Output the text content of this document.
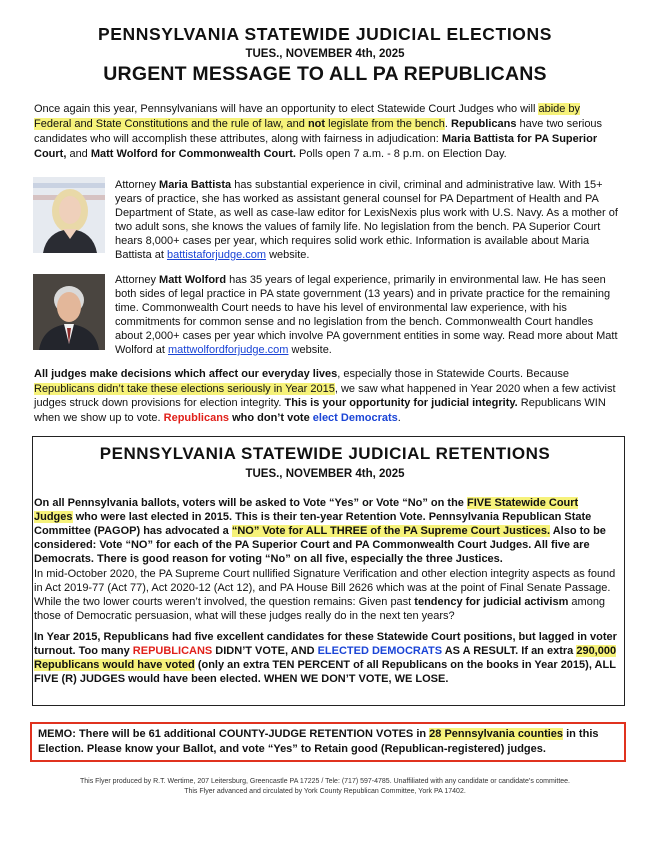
PENNSYLVANIA STATEWIDE JUDICIAL ELECTIONS
TUES., NOVEMBER 4th, 2025
URGENT MESSAGE TO ALL PA REPUBLICANS

Once again this year, Pennsylvanians will have an opportunity to elect Statewide Court Judges who will abide by Federal and State Constitutions and the rule of law, and not legislate from the bench. Republicans have two serious candidates who will accomplish these attributes, along with fairness in adjudication: Maria Battista for PA Superior Court, and Matt Wolford for Commonwealth Court. Polls open 7 a.m. - 8 p.m. on Election Day.

Attorney Maria Battista has substantial experience in civil, criminal and administrative law. With 15+ years of practice, she has worked as assistant general counsel for PA Department of Health and PA Department of State, as well as case-law editor for LexisNexis plus work with U.S. Navy. As a mother of two adult sons, she knows the values of family life. No legislation from the bench. PA Superior Court hears 8,000+ cases per year, which requires solid work ethic. Information is available about Maria Battista at battistaforjudge.com website.

Attorney Matt Wolford has 35 years of legal experience, primarily in environmental law. He has seen both sides of legal practice in PA state government (13 years) and in private practice for the remaining time. Commonwealth Court needs to have his level of environmental law experience, with his commitments for common sense and no legislation from the bench. Commonwealth Court handles about 2,000+ cases per year which involve PA government entities in some way. Read more about Matt Wolford at mattwolfordforjudge.com website.

All judges make decisions which affect our everyday lives, especially those in Statewide Courts. Because Republicans didn’t take these elections seriously in Year 2015, we saw what happened in Year 2020 when a few activist judges struck down provisions for election integrity. This is your opportunity for judicial integrity. Republicans WIN when we show up to vote. Republicans who don’t vote elect Democrats.

PENNSYLVANIA STATEWIDE JUDICIAL RETENTIONS
TUES., NOVEMBER 4th, 2025

On all Pennsylvania ballots, voters will be asked to Vote “Yes” or Vote “No” on the FIVE Statewide Court Judges who were last elected in 2015. This is their ten-year Retention Vote. Pennsylvania Republican State Committee (PAGOP) has advocated a “NO” Vote for ALL THREE of the PA Supreme Court Justices. Also to be considered: Vote “NO” for each of the PA Superior Court and PA Commonwealth Court Judges. All five are Democrats. There is good reason for voting “No” on all five, especially the three Justices.

In mid-October 2020, the PA Supreme Court nullified Signature Verification and other election integrity aspects as found in Act 2019-77 (Act 77), Act 2020-12 (Act 12), and PA House Bill 2626 which was at the point of Final Senate Passage. While the two lower courts weren’t involved, the question remains: Given past tendency for judicial activism among those of Democratic persuasion, what will these judges really do in the next ten years?

In Year 2015, Republicans had five excellent candidates for these Statewide Court positions, but lagged in voter turnout. Too many REPUBLICANS DIDN’T VOTE, AND ELECTED DEMOCRATS AS A RESULT. If an extra 290,000 Republicans would have voted (only an extra TEN PERCENT of all Republicans on the books in Year 2015), ALL FIVE (R) JUDGES would have been elected. WHEN WE DON’T VOTE, WE LOSE.

MEMO: There will be 61 additional COUNTY-JUDGE RETENTION VOTES in 28 Pennsylvania counties in this Election. Please know your Ballot, and vote “Yes” to Retain good (Republican-registered) judges.

This Flyer produced by R.T. Wertime, 207 Leitersburg, Greencastle PA 17225 / Tele: (717) 597-4785. Unaffiliated with any candidate or candidate’s committee.
This Flyer advanced and circulated by York County Republican Committee, York PA 17402.
